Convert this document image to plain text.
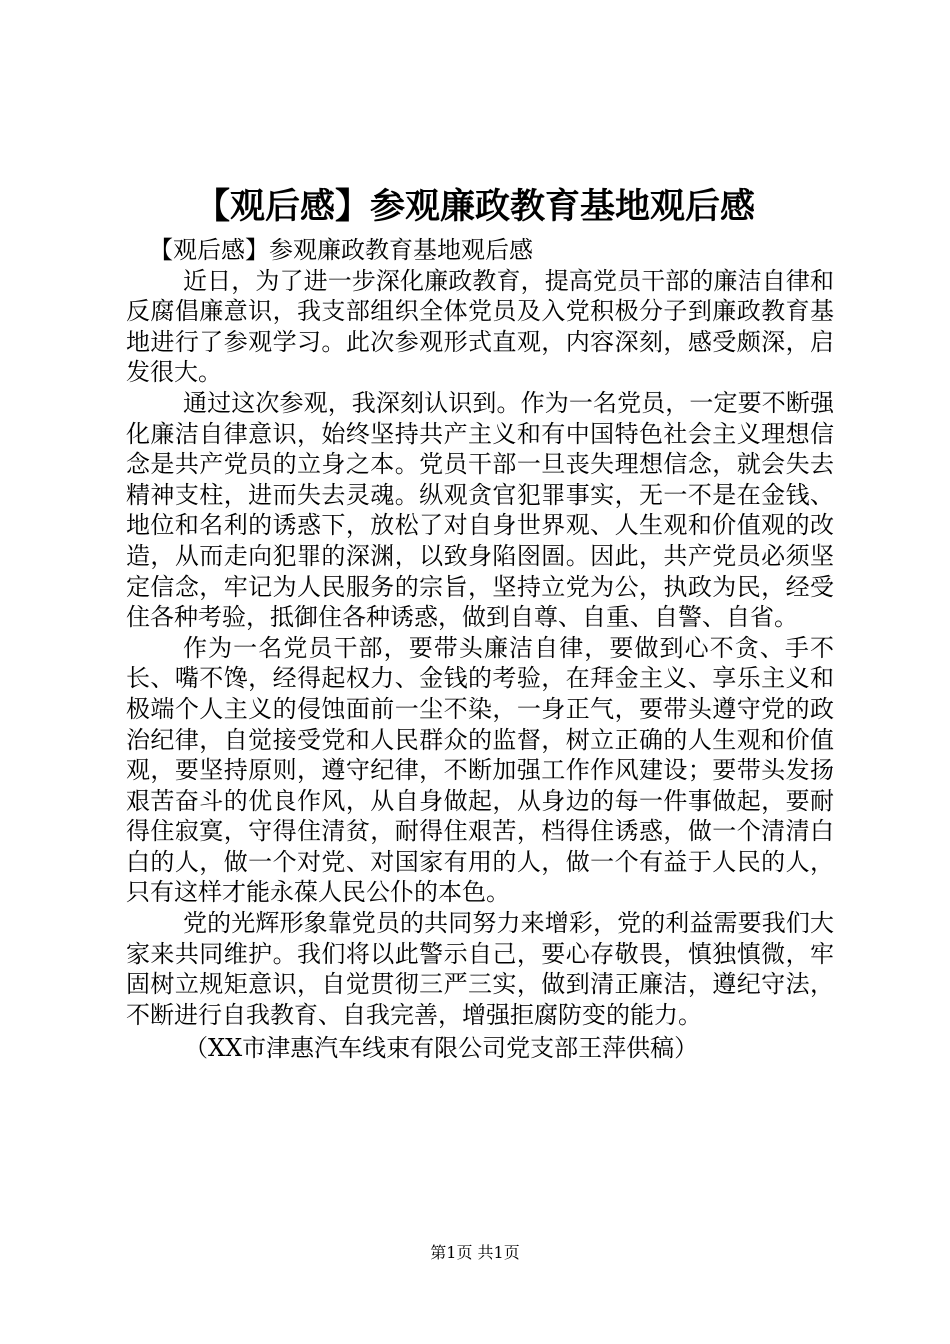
【观后感】参观廉政教育基地观后感

【观后感】参观廉政教育基地观后感

近日，为了进一步深化廉政教育，提高党员干部的廉洁自律和反腐倡廉意识，我支部组织全体党员及入党积极分子到廉政教育基地进行了参观学习。此次参观形式直观，内容深刻，感受颇深，启发很大。

通过这次参观，我深刻认识到。作为一名党员，一定要不断强化廉洁自律意识，始终坚持共产主义和有中国特色社会主义理想信念是共产党员的立身之本。党员干部一旦丧失理想信念，就会失去精神支柱，进而失去灵魂。纵观贪官犯罪事实，无一不是在金钱、地位和名利的诱惑下，放松了对自身世界观、人生观和价值观的改造，从而走向犯罪的深渊，以致身陷囹圄。因此，共产党员必须坚定信念，牢记为人民服务的宗旨，坚持立党为公，执政为民，经受住各种考验，抵御住各种诱惑，做到自尊、自重、自警、自省。

作为一名党员干部，要带头廉洁自律，要做到心不贪、手不长、嘴不馋，经得起权力、金钱的考验，在拜金主义、享乐主义和极端个人主义的侵蚀面前一尘不染，一身正气，要带头遵守党的政治纪律，自觉接受党和人民群众的监督，树立正确的人生观和价值观，要坚持原则，遵守纪律，不断加强工作作风建设；要带头发扬艰苦奋斗的优良作风，从自身做起，从身边的每一件事做起，要耐得住寂寞，守得住清贫，耐得住艰苦，档得住诱惑，做一个清清白白的人，做一个对党、对国家有用的人，做一个有益于人民的人，只有这样才能永葆人民公仆的本色。

党的光辉形象靠党员的共同努力来增彩，党的利益需要我们大家来共同维护。我们将以此警示自己，要心存敬畏，慎独慎微，牢固树立规矩意识，自觉贯彻三严三实，做到清正廉洁，遵纪守法，不断进行自我教育、自我完善，增强拒腐防变的能力。

（XX市津惠汽车线束有限公司党支部王萍供稿）

第1页 共1页
